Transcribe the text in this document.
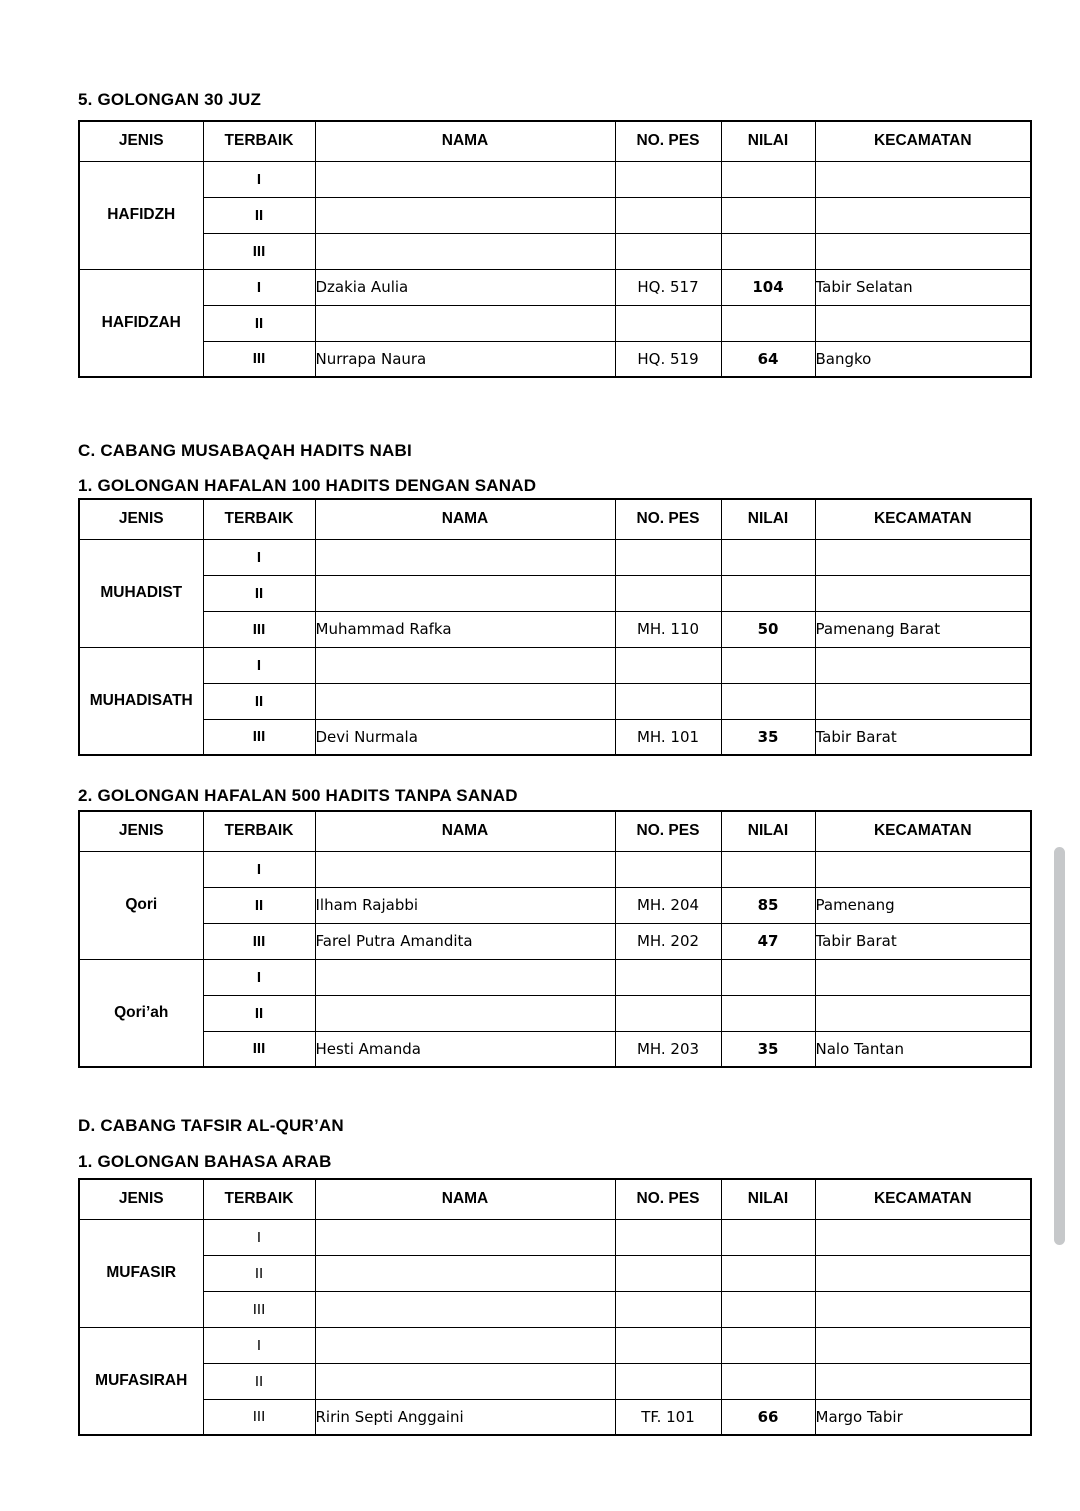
5. GOLONGAN 30 JUZ
JENIS	TERBAIK	NAMA	NO. PES	NILAI	KECAMATAN
HAFIDZH	I				
	II				
	III				
HAFIDZAH	I	Dzakia Aulia	HQ. 517	104	Tabir Selatan
	II				
	III	Nurrapa Naura	HQ. 519	64	Bangko
C. CABANG MUSABAQAH HADITS NABI
1. GOLONGAN HAFALAN 100 HADITS DENGAN SANAD
JENIS	TERBAIK	NAMA	NO. PES	NILAI	KECAMATAN
MUHADIST	I				
	II				
	III	Muhammad Rafka	MH. 110	50	Pamenang Barat
MUHADISATH	I				
	II				
	III	Devi Nurmala	MH. 101	35	Tabir Barat
2. GOLONGAN HAFALAN 500 HADITS TANPA SANAD
JENIS	TERBAIK	NAMA	NO. PES	NILAI	KECAMATAN
Qori	I				
	II	Ilham Rajabbi	MH. 204	85	Pamenang
	III	Farel Putra Amandita	MH. 202	47	Tabir Barat
Qori’ah	I				
	II				
	III	Hesti Amanda	MH. 203	35	Nalo Tantan
D. CABANG TAFSIR AL-QUR’AN
1. GOLONGAN BAHASA ARAB
JENIS	TERBAIK	NAMA	NO. PES	NILAI	KECAMATAN
MUFASIR	I				
	II				
	III				
MUFASIRAH	I				
	II				
	III	Ririn Septi Anggaini	TF. 101	66	Margo Tabir
